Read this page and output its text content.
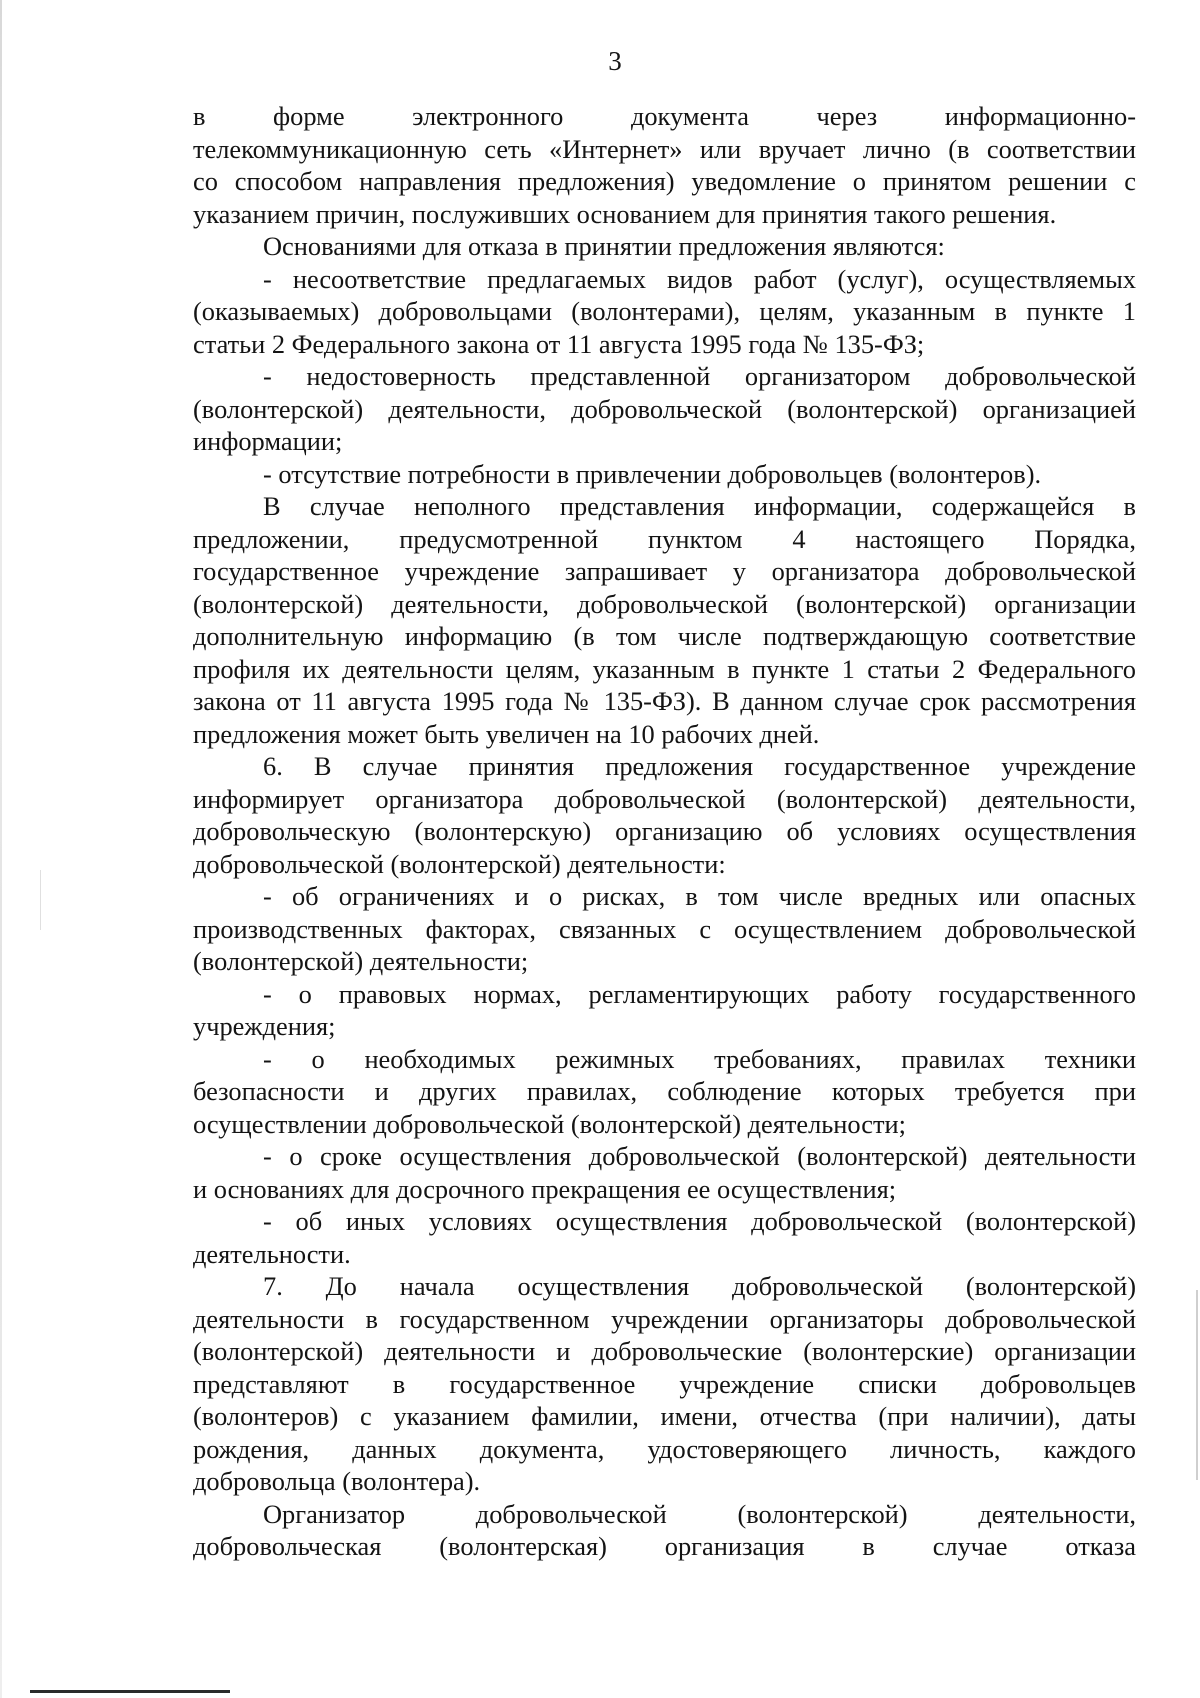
3
в форме электронного документа через информационно-
телекоммуникационную сеть «Интернет» или вручает лично (в соответствии
со способом направления предложения) уведомление о принятом решении с
указанием причин, послуживших основанием для принятия такого решения.
Основаниями для отказа в принятии предложения являются:
- несоответствие предлагаемых видов работ (услуг), осуществляемых
(оказываемых) добровольцами (волонтерами), целям, указанным в пункте 1
статьи 2 Федерального закона от 11 августа 1995 года № 135-ФЗ;
- недостоверность представленной организатором добровольческой
(волонтерской) деятельности, добровольческой (волонтерской) организацией
информации;
- отсутствие потребности в привлечении добровольцев (волонтеров).
В случае неполного представления информации, содержащейся в
предложении, предусмотренной пунктом 4 настоящего Порядка,
государственное учреждение запрашивает у организатора добровольческой
(волонтерской) деятельности, добровольческой (волонтерской) организации
дополнительную информацию (в том числе подтверждающую соответствие
профиля их деятельности целям, указанным в пункте 1 статьи 2 Федерального
закона от 11 августа 1995 года № 135-ФЗ). В данном случае срок рассмотрения
предложения может быть увеличен на 10 рабочих дней.
6. В случае принятия предложения государственное учреждение
информирует организатора добровольческой (волонтерской) деятельности,
добровольческую (волонтерскую) организацию об условиях осуществления
добровольческой (волонтерской) деятельности:
- об ограничениях и о рисках, в том числе вредных или опасных
производственных факторах, связанных с осуществлением добровольческой
(волонтерской) деятельности;
- о правовых нормах, регламентирующих работу государственного
учреждения;
- о необходимых режимных требованиях, правилах техники
безопасности и других правилах, соблюдение которых требуется при
осуществлении добровольческой (волонтерской) деятельности;
- о сроке осуществления добровольческой (волонтерской) деятельности
и основаниях для досрочного прекращения ее осуществления;
- об иных условиях осуществления добровольческой (волонтерской)
деятельности.
7. До начала осуществления добровольческой (волонтерской)
деятельности в государственном учреждении организаторы добровольческой
(волонтерской) деятельности и добровольческие (волонтерские) организации
представляют в государственное учреждение списки добровольцев
(волонтеров) с указанием фамилии, имени, отчества (при наличии), даты
рождения, данных документа, удостоверяющего личность, каждого
добровольца (волонтера).
Организатор добровольческой (волонтерской) деятельности,
добровольческая (волонтерская) организация в случае отказа
